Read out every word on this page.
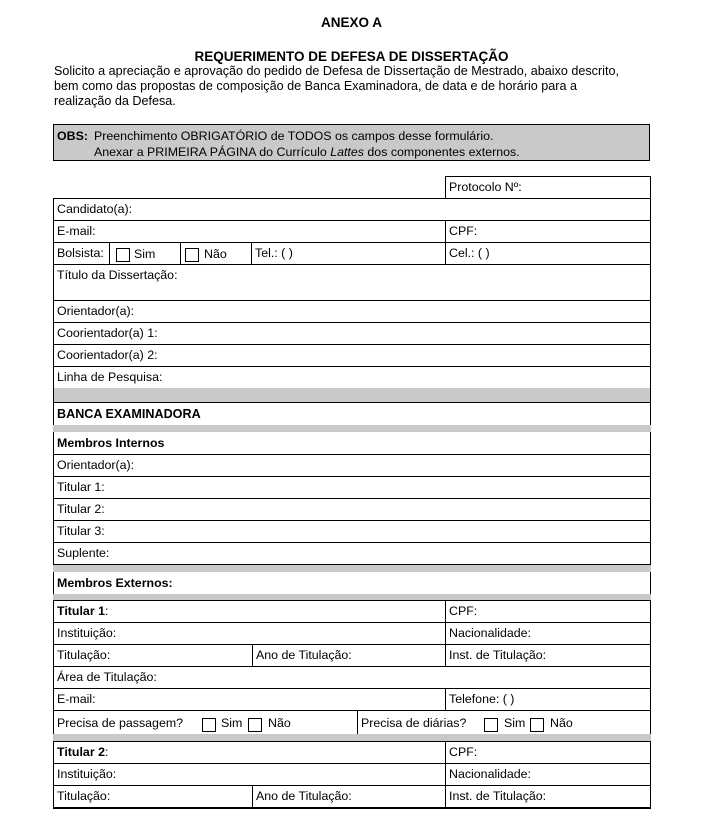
ANEXO A
REQUERIMENTO DE DEFESA DE DISSERTAÇÃO
Solicito a apreciação e aprovação do pedido de Defesa de Dissertação de Mestrado, abaixo descrito,
bem como das propostas de composição de Banca Examinadora, de data e de horário para a
realização da Defesa.
OBS: Preenchimento OBRIGATÓRIO de TODOS os campos desse formulário.
Anexar a PRIMEIRA PÁGINA do Currículo Lattes dos componentes externos.
Protocolo Nº:
Candidato(a):
E-mail:	CPF:
Bolsista:	Sim	Não	Tel.: ( )	Cel.: ( )
Título da Dissertação:
Orientador(a):
Coorientador(a) 1:
Coorientador(a) 2:
Linha de Pesquisa:
BANCA EXAMINADORA
Membros Internos
Orientador(a):
Titular 1:
Titular 2:
Titular 3:
Suplente:
Membros Externos:
Titular 1:	CPF:
Instituição:	Nacionalidade:
Titulação:	Ano de Titulação:	Inst. de Titulação:
Área de Titulação:
E-mail:	Telefone: ( )
Precisa de passagem?	Sim Não	Precisa de diárias?	Sim Não
Titular 2:	CPF:
Instituição:	Nacionalidade:
Titulação:	Ano de Titulação:	Inst. de Titulação:
